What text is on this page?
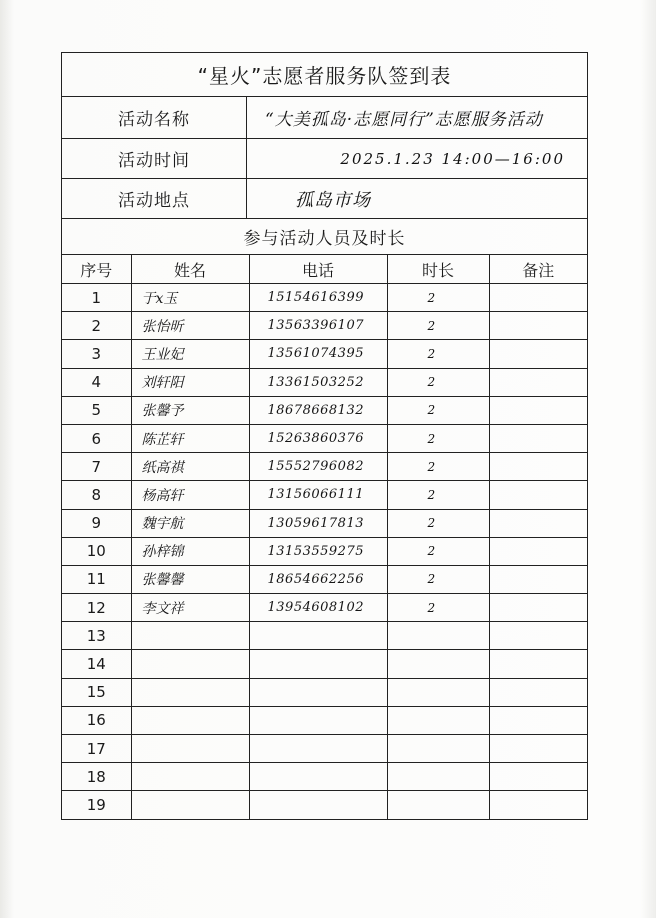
“星火”志愿者服务队签到表
活动名称	“大美孤岛·志愿同行”志愿服务活动
活动时间	2025.1.23 14:00—16:00
活动地点	孤岛市场
参与活动人员及时长
序号	姓名	电话	时长	备注
1	于x玉	15154616399	2	
2	张怡昕	13563396107	2	
3	王业妃	13561074395	2	
4	刘轩阳	13361503252	2	
5	张馨予	18678668132	2	
6	陈芷轩	15263860376	2	
7	纸高祺	15552796082	2	
8	杨高轩	13156066111	2	
9	魏宇航	13059617813	2	
10	孙梓锦	13153559275	2	
11	张馨馨	18654662256	2	
12	李文祥	13954608102	2	
13				
14				
15				
16				
17				
18				
19				
